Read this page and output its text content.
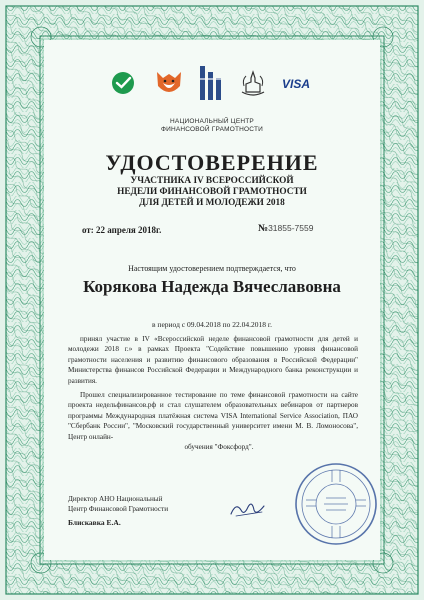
VISA
НАЦИОНАЛЬНЫЙ ЦЕНТР
ФИНАНСОВОЙ ГРАМОТНОСТИ
УДОСТОВЕРЕНИЕ
УЧАСТНИКА IV ВСЕРОССИЙСКОЙ
НЕДЕЛИ ФИНАНСОВОЙ ГРАМОТНОСТИ
ДЛЯ ДЕТЕЙ И МОЛОДЕЖИ 2018
от: 22 апреля 2018г.	№31855-7559
Настоящим удостоверением подтверждается, что
Корякова Надежда Вячеславовна
в период с 09.04.2018 по 22.04.2018 г.
принял участие в IV «Всероссийской неделе финансовой грамотности для детей и молодежи 2018 г.» в рамках Проекта "Содействие повышению уровня финансовой грамотности населения и развитию финансового образования в Российской Федерации" Министерства финансов Российской Федерации и Международного банка реконструкции и развития.
Прошел специализированное тестирование по теме финансовой грамотности на сайте проекта недельфинансов.рф и стал слушателем образовательных вебинаров от партнеров программы Международная платёжная система VISA International Service Association, ПАО "Сбербанк России", "Московский государственный университет имени М. В. Ломоносова", Центр онлайн-
обучения "Фоксфорд".
Директор АНО Национальный
Центр Финансовой Грамотности
Блискавка Е.А.
